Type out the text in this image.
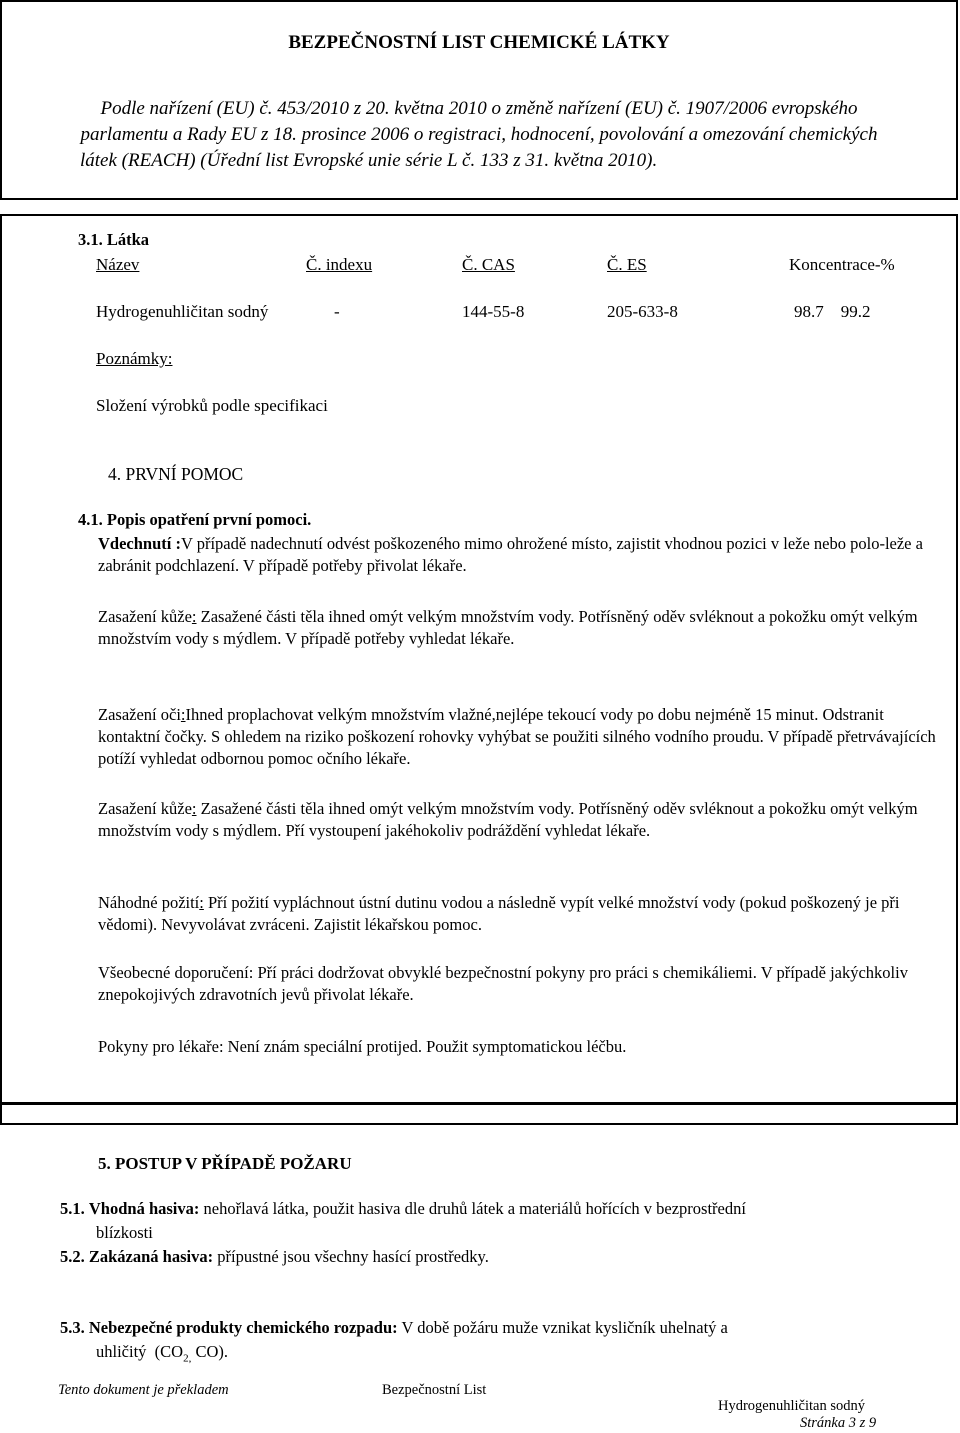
BEZPEČNOSTNÍ LIST CHEMICKÉ LÁTKY
Podle nařízení (EU) č. 453/2010 z 20. května 2010 o změně nařízení (EU) č. 1907/2006 evropského
parlamentu a Rady EU z 18. prosince 2006 o registraci, hodnocení, povolování a omezování chemických
látek (REACH) (Úřední list Evropské unie série L č. 133 z 31. května 2010).
3.1. Látka
Název	Č. indexu	Č. CAS	Č. ES	Koncentrace-%
Hydrogenuhličitan sodný	-	144-55-8	205-633-8	98.7    99.2
Poznámky:
Složení výrobků podle specifikaci
4. PRVNÍ POMOC
4.1. Popis opatření první pomoci.
Vdechnutí :V případě nadechnutí odvést poškozeného mimo ohrožené místo, zajistit vhodnou pozici v leže nebo polo-leže a zabránit podchlazení. V případě potřeby přivolat lékaře.
Zasažení kůže: Zasažené části těla ihned omýt velkým množstvím vody. Potřísněný oděv svléknout a pokožku omýt velkým množstvím vody s mýdlem. V případě potřeby vyhledat lékaře.
Zasažení oči:Ihned proplachovat velkým množstvím vlažné,nejlépe tekoucí vody po dobu nejméně 15 minut. Odstranit kontaktní čočky. S ohledem na riziko poškození rohovky vyhýbat se použiti silného vodního proudu. V případě přetrvávajících potíží vyhledat odbornou pomoc očního lékaře.
Zasažení kůže: Zasažené části těla ihned omýt velkým množstvím vody. Potřísněný oděv svléknout a pokožku omýt velkým množstvím vody s mýdlem. Pří vystoupení jakéhokoliv podráždění vyhledat lékaře.
Náhodné požití: Pří požití vypláchnout ústní dutinu vodou a následně vypít velké množství vody (pokud poškozený je při vědomi). Nevyvolávat zvráceni. Zajistit lékařskou pomoc.
Všeobecné doporučení: Pří práci dodržovat obvyklé bezpečnostní pokyny pro práci s chemikáliemi. V případě jakýchkoliv znepokojivých zdravotních jevů přivolat lékaře.
Pokyny pro lékaře: Není znám speciální protijed. Použit symptomatickou léčbu.
5. POSTUP V PŘÍPADĚ POŽARU
5.1. Vhodná hasiva: nehořlavá látka, použit hasiva dle druhů látek a materiálů hořících v bezprostřední
blízkosti
5.2. Zakázaná hasiva: přípustné jsou všechny hasící prostředky.
5.3. Nebezpečné produkty chemického rozpadu: V době požáru muže vznikat kysličník uhelnatý a
uhličitý  ($CO_{2,}$ CO).
Tento dokument je překladem	Bezpečnostní List
Hydrogenuhličitan sodný
Stránka 3 z 9
